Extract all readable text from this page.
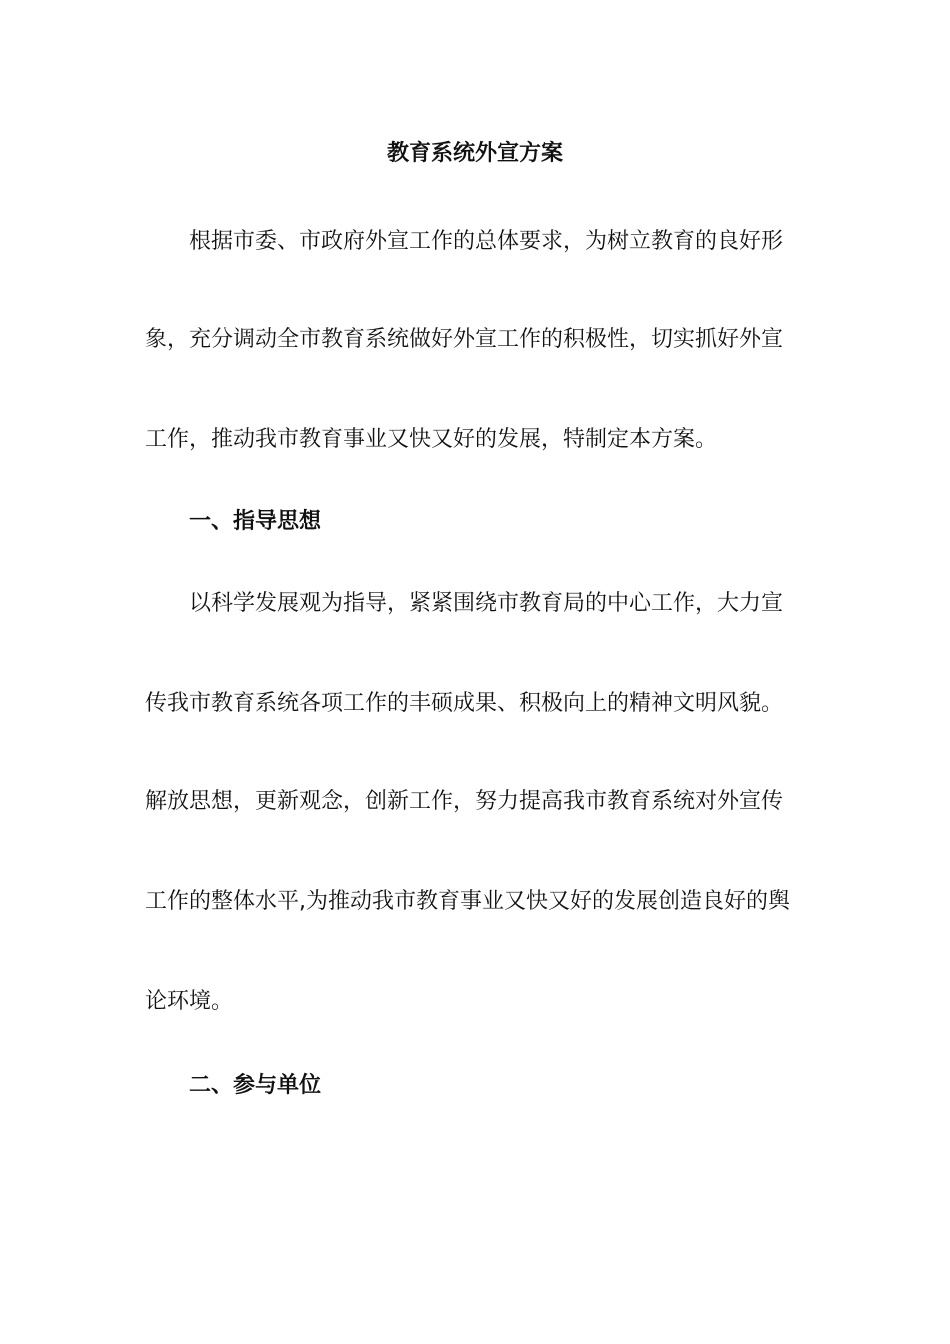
教育系统外宣方案
根据市委、市政府外宣工作的总体要求，为树立教育的良好形
象，充分调动全市教育系统做好外宣工作的积极性，切实抓好外宣
工作，推动我市教育事业又快又好的发展，特制定本方案。
一、指导思想
以科学发展观为指导，紧紧围绕市教育局的中心工作，大力宣
传我市教育系统各项工作的丰硕成果、积极向上的精神文明风貌。
解放思想，更新观念，创新工作，努力提高我市教育系统对外宣传
工作的整体水平,为推动我市教育事业又快又好的发展创造良好的舆
论环境。
二、参与单位
